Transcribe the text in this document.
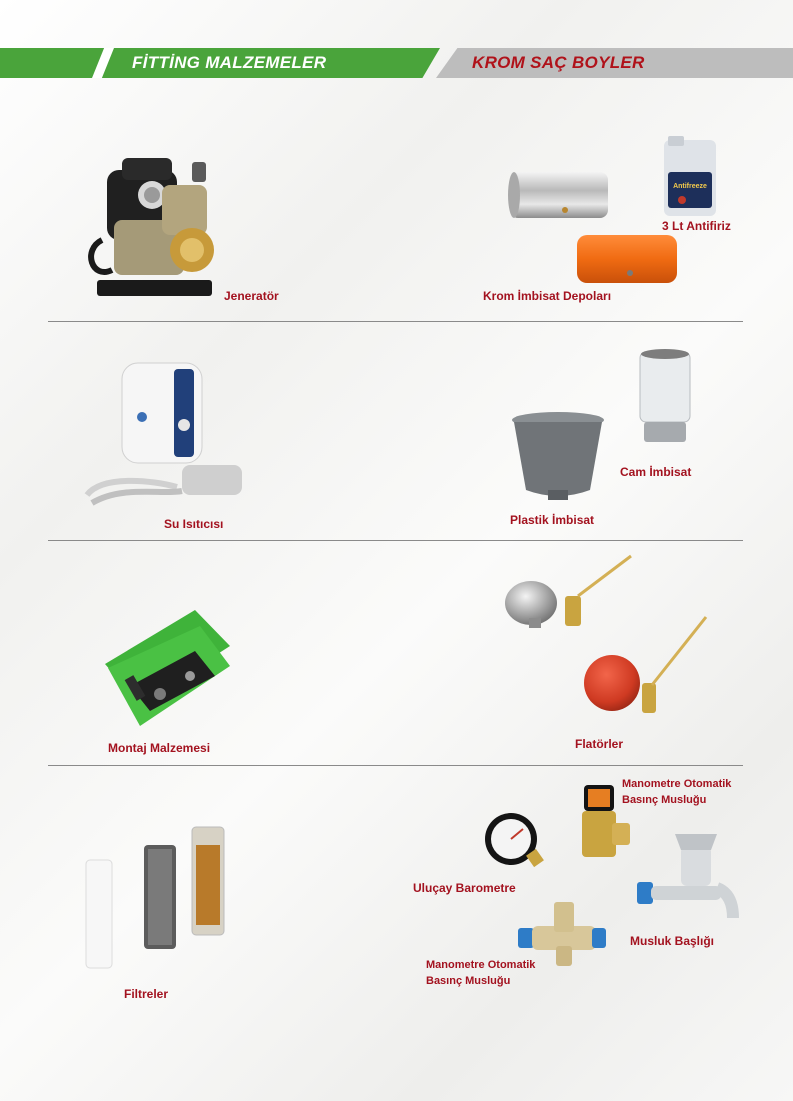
FİTTİNG MALZEMELER	KROM SAÇ BOYLER
Jeneratör	Krom İmbisat Depoları
Antifreeze
3 Lt Antifiriz
Su Isıtıcısı	Plastik İmbisat
Cam İmbisat
Montaj Malzemesi	Flatörler
Filtreler
Uluçay Barometre
Manometre Otomatik
Basınç Musluğu
Musluk Başlığı
Manometre Otomatik
Basınç Musluğu
